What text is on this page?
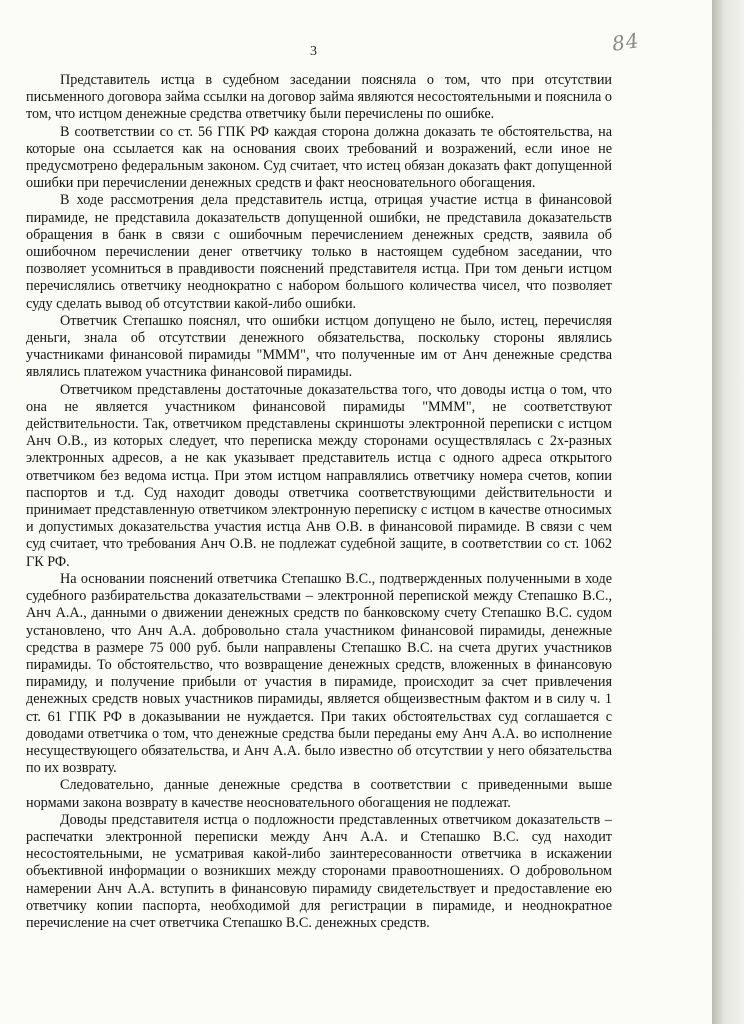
3	84

Представитель истца в судебном заседании поясняла о том, что при отсутствии письменного договора займа ссылки на договор займа являются несостоятельными и пояснила о том, что истцом денежные средства ответчику были перечислены по ошибке.

В соответствии со ст. 56 ГПК РФ каждая сторона должна доказать те обстоятельства, на которые она ссылается как на основания своих требований и возражений, если иное не предусмотрено федеральным законом. Суд считает, что истец обязан доказать факт допущенной ошибки при перечислении денежных средств и факт неосновательного обогащения.

В ходе рассмотрения дела представитель истца, отрицая участие истца в финансовой пирамиде, не представила доказательств допущенной ошибки, не представила доказательств обращения в банк в связи с ошибочным перечислением денежных средств, заявила об ошибочном перечислении денег ответчику только в настоящем судебном заседании, что позволяет усомниться в правдивости пояснений представителя истца. При том деньги истцом перечислялись ответчику неоднократно с набором большого количества чисел, что позволяет суду сделать вывод об отсутствии какой-либо ошибки.

Ответчик Степашко пояснял, что ошибки истцом допущено не было, истец, перечисляя деньги, знала об отсутствии денежного обязательства, поскольку стороны являлись участниками финансовой пирамиды "МММ", что полученные им от Анч денежные средства являлись платежом участника финансовой пирамиды.

Ответчиком представлены достаточные доказательства того, что доводы истца о том, что она не является участником финансовой пирамиды "МММ", не соответствуют действительности. Так, ответчиком представлены скриншоты электронной переписки с истцом Анч О.В., из которых следует, что переписка между сторонами осуществлялась с 2х-разных электронных адресов, а не как указывает представитель истца с одного адреса открытого ответчиком без ведома истца. При этом истцом направлялись ответчику номера счетов, копии паспортов и т.д. Суд находит доводы ответчика соответствующими действительности и принимает представленную ответчиком электронную переписку с истцом в качестве относимых и допустимых доказательства участия истца Анв О.В. в финансовой пирамиде. В связи с чем суд считает, что требования Анч О.В. не подлежат судебной защите, в соответствии со ст. 1062 ГК РФ.

На основании пояснений ответчика Степашко В.С., подтвержденных полученными в ходе судебного разбирательства доказательствами – электронной перепиской между Степашко В.С., Анч А.А., данными о движении денежных средств по банковскому счету Степашко В.С. судом установлено, что Анч А.А. добровольно стала участником финансовой пирамиды, денежные средства в размере 75 000 руб. были направлены Степашко В.С. на счета других участников пирамиды. То обстоятельство, что возвращение денежных средств, вложенных в финансовую пирамиду, и получение прибыли от участия в пирамиде, происходит за счет привлечения денежных средств новых участников пирамиды, является общеизвестным фактом и в силу ч. 1 ст. 61 ГПК РФ в доказывании не нуждается. При таких обстоятельствах суд соглашается с доводами ответчика о том, что денежные средства были переданы ему Анч А.А. во исполнение несуществующего обязательства, и Анч А.А. было известно об отсутствии у него обязательства по их возврату.

Следовательно, данные денежные средства в соответствии с приведенными выше нормами закона возврату в качестве неосновательного обогащения не подлежат.

Доводы представителя истца о подложности представленных ответчиком доказательств – распечатки электронной переписки между Анч А.А. и Степашко В.С. суд находит несостоятельными, не усматривая какой-либо заинтересованности ответчика в искажении объективной информации о возникших между сторонами правоотношениях. О добровольном намерении Анч А.А. вступить в финансовую пирамиду свидетельствует и предоставление ею ответчику копии паспорта, необходимой для регистрации в пирамиде, и неоднократное перечисление на счет ответчика Степашко В.С. денежных средств.
